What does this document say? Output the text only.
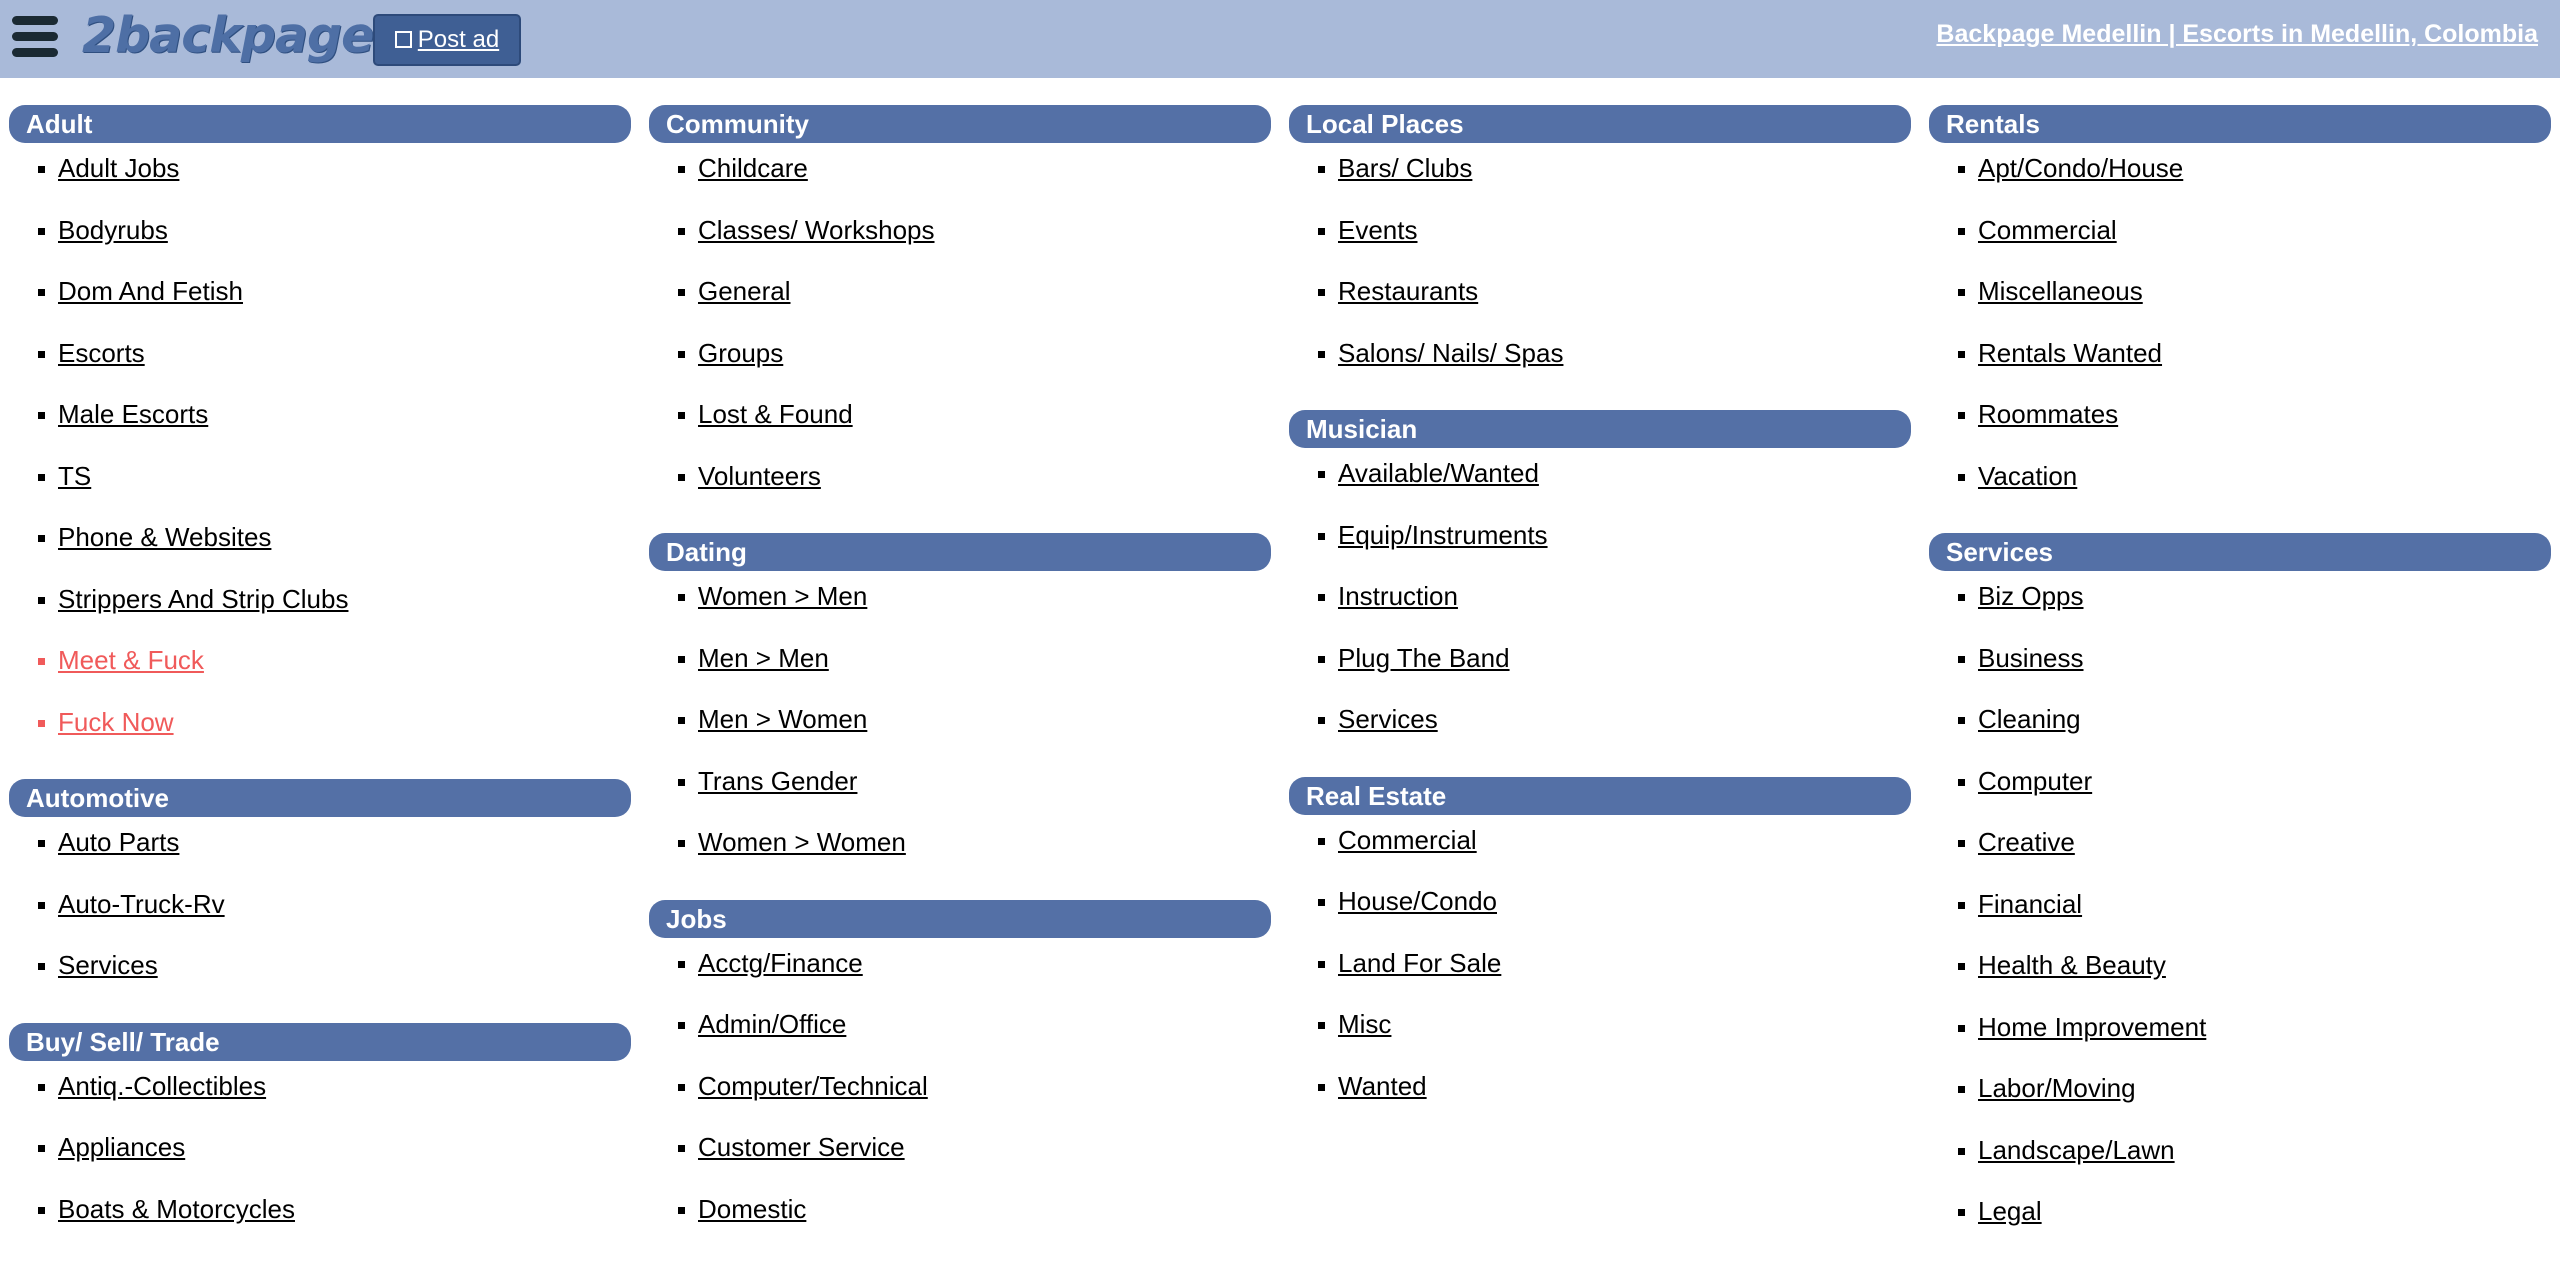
2backpage	Post ad	Backpage Medellin | Escorts in Medellin, Colombia
Adult
Adult Jobs
Bodyrubs
Dom And Fetish
Escorts
Male Escorts
TS
Phone & Websites
Strippers And Strip Clubs
Meet & Fuck
Fuck Now
Automotive
Auto Parts
Auto-Truck-Rv
Services
Buy/ Sell/ Trade
Antiq.-Collectibles
Appliances
Boats & Motorcycles
Community
Childcare
Classes/ Workshops
General
Groups
Lost & Found
Volunteers
Dating
Women > Men
Men > Men
Men > Women
Trans Gender
Women > Women
Jobs
Acctg/Finance
Admin/Office
Computer/Technical
Customer Service
Domestic
Local Places
Bars/ Clubs
Events
Restaurants
Salons/ Nails/ Spas
Musician
Available/Wanted
Equip/Instruments
Instruction
Plug The Band
Services
Real Estate
Commercial
House/Condo
Land For Sale
Misc
Wanted
Rentals
Apt/Condo/House
Commercial
Miscellaneous
Rentals Wanted
Roommates
Vacation
Services
Biz Opps
Business
Cleaning
Computer
Creative
Financial
Health & Beauty
Home Improvement
Labor/Moving
Landscape/Lawn
Legal
